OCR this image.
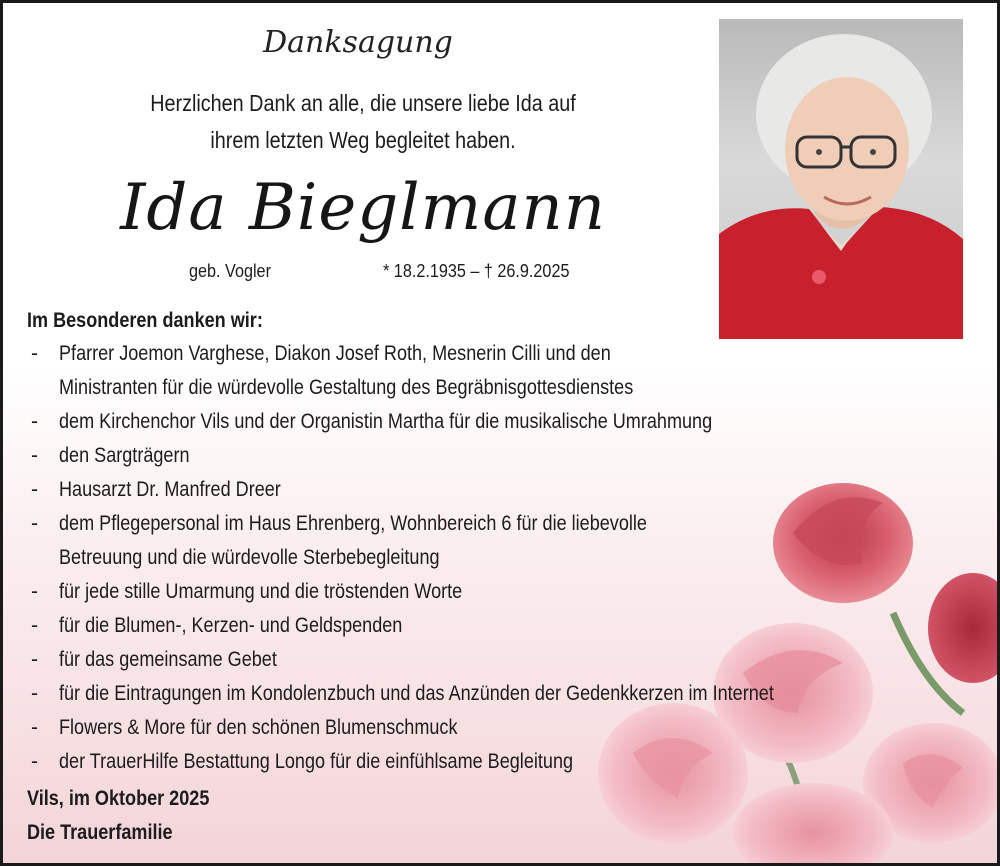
Danksagung
Herzlichen Dank an alle, die unsere liebe Ida auf
ihrem letzten Weg begleitet haben.
Ida Bieglmann
geb. Vogler	* 18.2.1935 – † 26.9.2025
Im Besonderen danken wir:
- Pfarrer Joemon Varghese, Diakon Josef Roth, Mesnerin Cilli und den
Ministranten für die würdevolle Gestaltung des Begräbnisgottesdienstes
- dem Kirchenchor Vils und der Organistin Martha für die musikalische Umrahmung
- den Sargträgern
- Hausarzt Dr. Manfred Dreer
- dem Pflegepersonal im Haus Ehrenberg, Wohnbereich 6 für die liebevolle
Betreuung und die würdevolle Sterbebegleitung
- für jede stille Umarmung und die tröstenden Worte
- für die Blumen-, Kerzen- und Geldspenden
- für das gemeinsame Gebet
- für die Eintragungen im Kondolenzbuch und das Anzünden der Gedenkkerzen im Internet
- Flowers & More für den schönen Blumenschmuck
- der TrauerHilfe Bestattung Longo für die einfühlsame Begleitung
Vils, im Oktober 2025
Die Trauerfamilie
